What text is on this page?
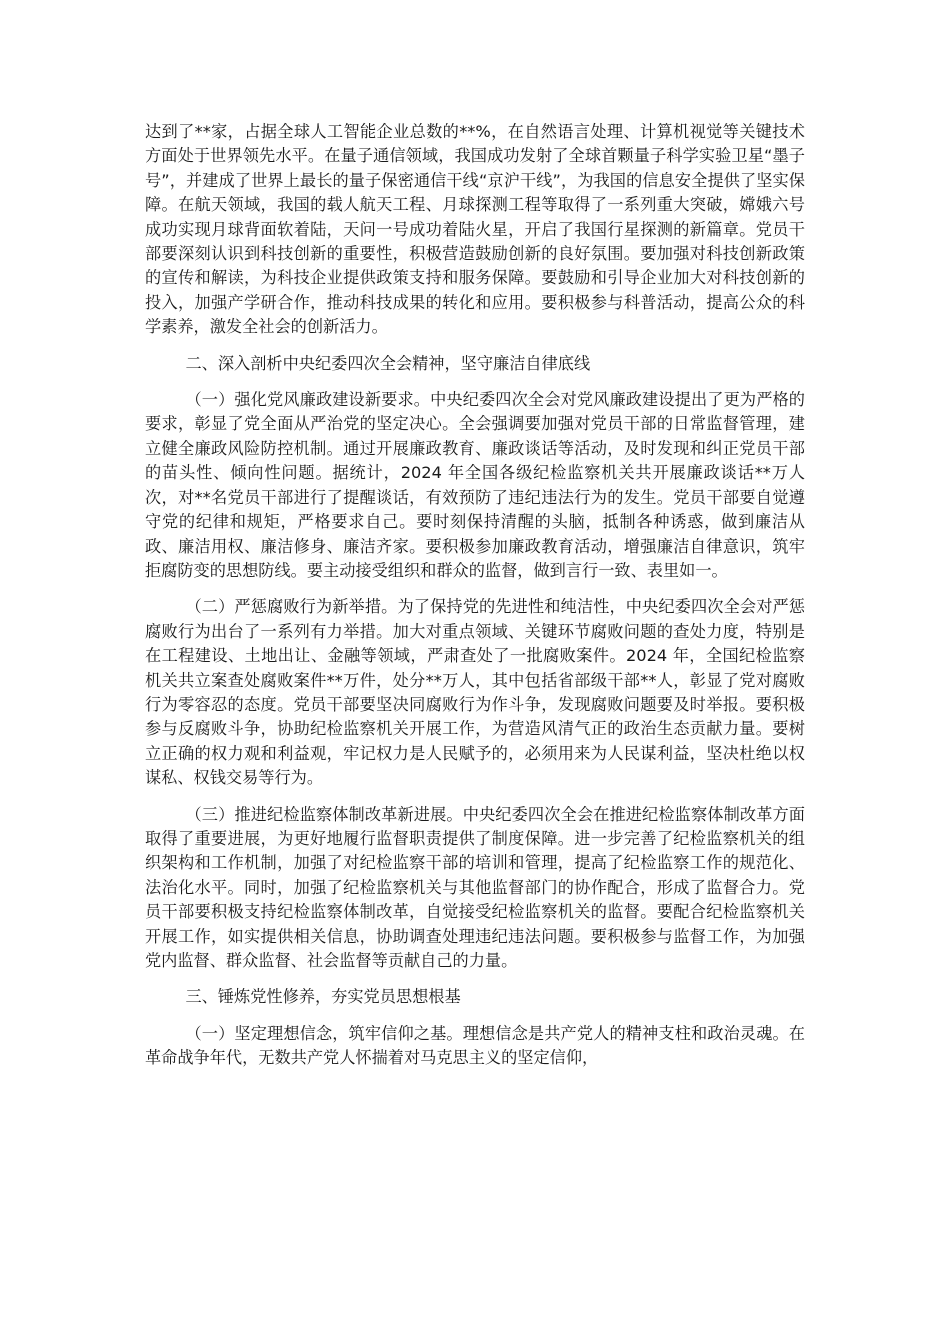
达到了**家，占据全球人工智能企业总数的**%，在自然语言处理、计算机视觉等关键技术方面处于世界领先水平。在量子通信领域，我国成功发射了全球首颗量子科学实验卫星“墨子号”，并建成了世界上最长的量子保密通信干线“京沪干线”，为我国的信息安全提供了坚实保障。在航天领域，我国的载人航天工程、月球探测工程等取得了一系列重大突破，嫦娥六号成功实现月球背面软着陆，天问一号成功着陆火星，开启了我国行星探测的新篇章。党员干部要深刻认识到科技创新的重要性，积极营造鼓励创新的良好氛围。要加强对科技创新政策的宣传和解读，为科技企业提供政策支持和服务保障。要鼓励和引导企业加大对科技创新的投入，加强产学研合作，推动科技成果的转化和应用。要积极参与科普活动，提高公众的科学素养，激发全社会的创新活力。

二、深入剖析中央纪委四次全会精神，坚守廉洁自律底线

（一）强化党风廉政建设新要求。中央纪委四次全会对党风廉政建设提出了更为严格的要求，彰显了党全面从严治党的坚定决心。全会强调要加强对党员干部的日常监督管理，建立健全廉政风险防控机制。通过开展廉政教育、廉政谈话等活动，及时发现和纠正党员干部的苗头性、倾向性问题。据统计，2024 年全国各级纪检监察机关共开展廉政谈话**万人次，对**名党员干部进行了提醒谈话，有效预防了违纪违法行为的发生。党员干部要自觉遵守党的纪律和规矩，严格要求自己。要时刻保持清醒的头脑，抵制各种诱惑，做到廉洁从政、廉洁用权、廉洁修身、廉洁齐家。要积极参加廉政教育活动，增强廉洁自律意识，筑牢拒腐防变的思想防线。要主动接受组织和群众的监督，做到言行一致、表里如一。

（二）严惩腐败行为新举措。为了保持党的先进性和纯洁性，中央纪委四次全会对严惩腐败行为出台了一系列有力举措。加大对重点领域、关键环节腐败问题的查处力度，特别是在工程建设、土地出让、金融等领域，严肃查处了一批腐败案件。2024 年，全国纪检监察机关共立案查处腐败案件**万件，处分**万人，其中包括省部级干部**人，彰显了党对腐败行为零容忍的态度。党员干部要坚决同腐败行为作斗争，发现腐败问题要及时举报。要积极参与反腐败斗争，协助纪检监察机关开展工作，为营造风清气正的政治生态贡献力量。要树立正确的权力观和利益观，牢记权力是人民赋予的，必须用来为人民谋利益，坚决杜绝以权谋私、权钱交易等行为。

（三）推进纪检监察体制改革新进展。中央纪委四次全会在推进纪检监察体制改革方面取得了重要进展，为更好地履行监督职责提供了制度保障。进一步完善了纪检监察机关的组织架构和工作机制，加强了对纪检监察干部的培训和管理，提高了纪检监察工作的规范化、法治化水平。同时，加强了纪检监察机关与其他监督部门的协作配合，形成了监督合力。党员干部要积极支持纪检监察体制改革，自觉接受纪检监察机关的监督。要配合纪检监察机关开展工作，如实提供相关信息，协助调查处理违纪违法问题。要积极参与监督工作，为加强党内监督、群众监督、社会监督等贡献自己的力量。

三、锤炼党性修养，夯实党员思想根基

（一）坚定理想信念，筑牢信仰之基。理想信念是共产党人的精神支柱和政治灵魂。在革命战争年代，无数共产党人怀揣着对马克思主义的坚定信仰，
